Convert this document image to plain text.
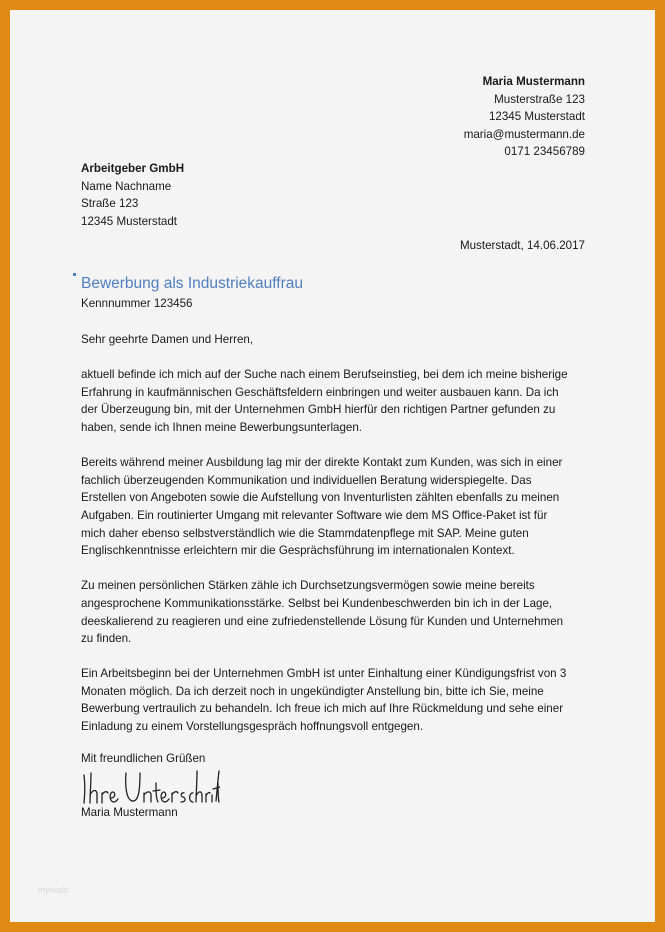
Maria Mustermann
Musterstraße 123
12345 Musterstadt
maria@mustermann.de
0171 23456789
Arbeitgeber GmbH
Name Nachname
Straße 123
12345 Musterstadt
Musterstadt, 14.06.2017
Bewerbung als Industriekauffrau
Kennnummer 123456

Sehr geehrte Damen und Herren,

aktuell befinde ich mich auf der Suche nach einem Berufseinstieg, bei dem ich meine bisherige
Erfahrung in kaufmännischen Geschäftsfeldern einbringen und weiter ausbauen kann. Da ich
der Überzeugung bin, mit der Unternehmen GmbH hierfür den richtigen Partner gefunden zu
haben, sende ich Ihnen meine Bewerbungsunterlagen.

Bereits während meiner Ausbildung lag mir der direkte Kontakt zum Kunden, was sich in einer
fachlich überzeugenden Kommunikation und individuellen Beratung widerspiegelte. Das
Erstellen von Angeboten sowie die Aufstellung von Inventurlisten zählten ebenfalls zu meinen
Aufgaben. Ein routinierter Umgang mit relevanter Software wie dem MS Office-Paket ist für
mich daher ebenso selbstverständlich wie die Stammdatenpflege mit SAP. Meine guten
Englischkenntnisse erleichtern mir die Gesprächsführung im internationalen Kontext.

Zu meinen persönlichen Stärken zähle ich Durchsetzungsvermögen sowie meine bereits
angesprochene Kommunikationsstärke. Selbst bei Kundenbeschwerden bin ich in der Lage,
deeskalierend zu reagieren und eine zufriedenstellende Lösung für Kunden und Unternehmen
zu finden.

Ein Arbeitsbeginn bei der Unternehmen GmbH ist unter Einhaltung einer Kündigungsfrist von 3
Monaten möglich. Da ich derzeit noch in ungekündigter Anstellung bin, bitte ich Sie, meine
Bewerbung vertraulich zu behandeln. Ich freue ich mich auf Ihre Rückmeldung und sehe einer
Einladung zu einem Vorstellungsgespräch hoffnungsvoll entgegen.

Mit freundlichen Grüßen
Maria Mustermann
mywals
